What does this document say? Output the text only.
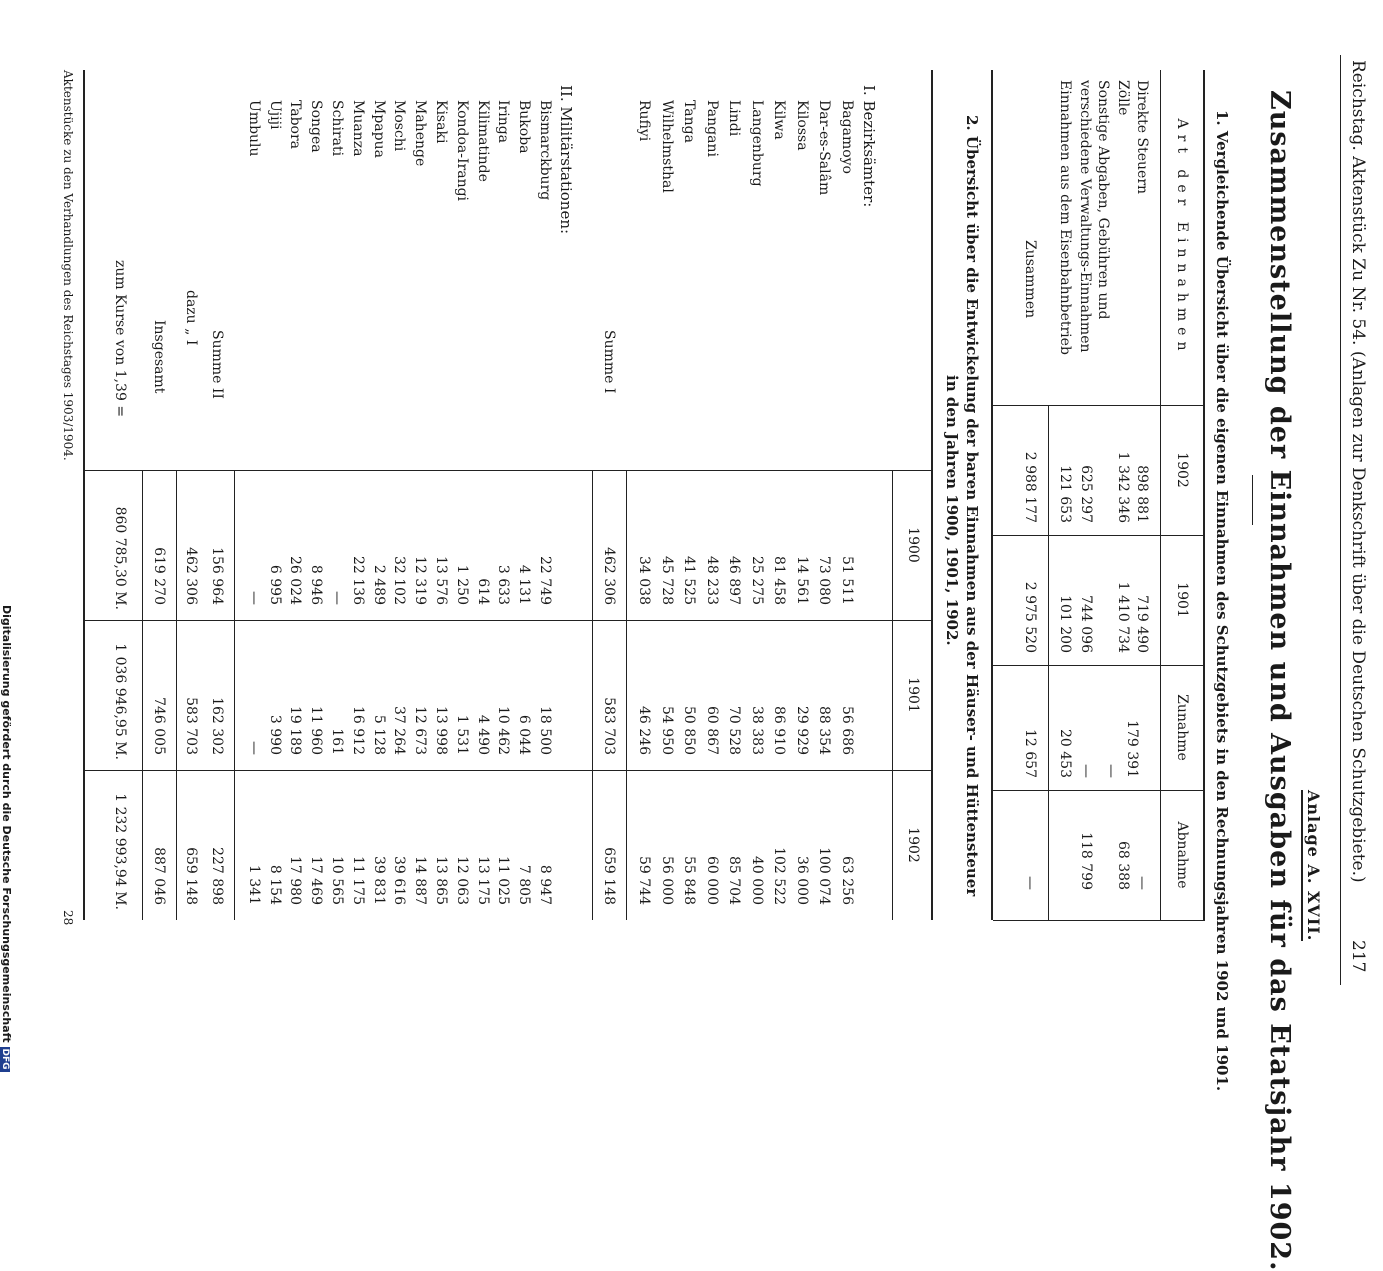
Reichstag. Aktenstück Zu Nr. 54. (Anlagen zur Denkschrift über die Deutschen Schutzgebiete.)
217
Anlage A. XVII.
Zusammenstellung der Einnahmen und Ausgaben für das Etatsjahr 1902.
1. Vergleichende Übersicht über die eigenen Einnahmen des Schutzgebiets in den Rechnungsjahren 1902 und 1901.
Art der Einnahmen
1902
1901
Zunahme
Abnahme
Direkte Steuern
898 881
719 490
179 391
—
Zölle
1 342 346
1 410 734
—
68 388
Sonstige Abgaben, Gebühren und verschiedene Verwaltungs-Einnahmen
625 297
744 096
—
118 799
Einnahmen aus dem Eisenbahnbetrieb
121 653
101 200
20 453
Zusammen
2 988 177
2 975 520
12 657
—
2. Übersicht über die Entwickelung der baren Einnahmen aus der Häuser- und Hüttensteuer
in den Jahren 1900, 1901, 1902.
1900
1901
1902
I. Bezirksämter:
Bagamoyo
51 511
56 686
63 256
Dar-es-Salâm
73 080
88 354
100 074
Kilossa
14 561
29 929
36 000
Kilwa
81 458
86 910
102 522
Langenburg
25 275
38 383
40 000
Lindi
46 897
70 528
85 704
Pangani
48 233
60 867
60 000
Tanga
41 525
50 850
55 848
Wilhelmsthal
45 728
54 950
56 000
Rufiyi
34 038
46 246
59 744
Summe I
462 306
583 703
659 148
II. Militärstationen:
Bismarckburg
22 749
18 500
8 947
Bukoba
4 131
6 044
7 805
Iringa
3 633
10 462
11 025
Kilimatinde
614
4 490
13 175
Kondoa-Irangi
1 250
1 531
12 063
Kisaki
13 576
13 998
13 865
Mahenge
12 319
12 673
14 887
Moschi
32 102
37 264
39 616
Mpapua
2 489
5 128
39 831
Muanza
22 136
16 912
11 175
Schirati
—
161
10 565
Songea
8 946
11 960
17 469
Tabora
26 024
19 189
17 980
Ujiji
6 995
3 990
8 154
Umbulu
—
—
1 341
Summe II
156 964
162 302
227 898
dazu „ I
462 306
583 703
659 148
Insgesamt
619 270
746 005
887 046
zum Kurse von 1,39 =
860 785,30 M.
1 036 946,95 M.
1 232 993,94 M.
Aktenstücke zu den Verhandlungen des Reichstages 1903/1904.
28
Digitalisierung gefördert durch die Deutsche Forschungsgemeinschaft DFG
